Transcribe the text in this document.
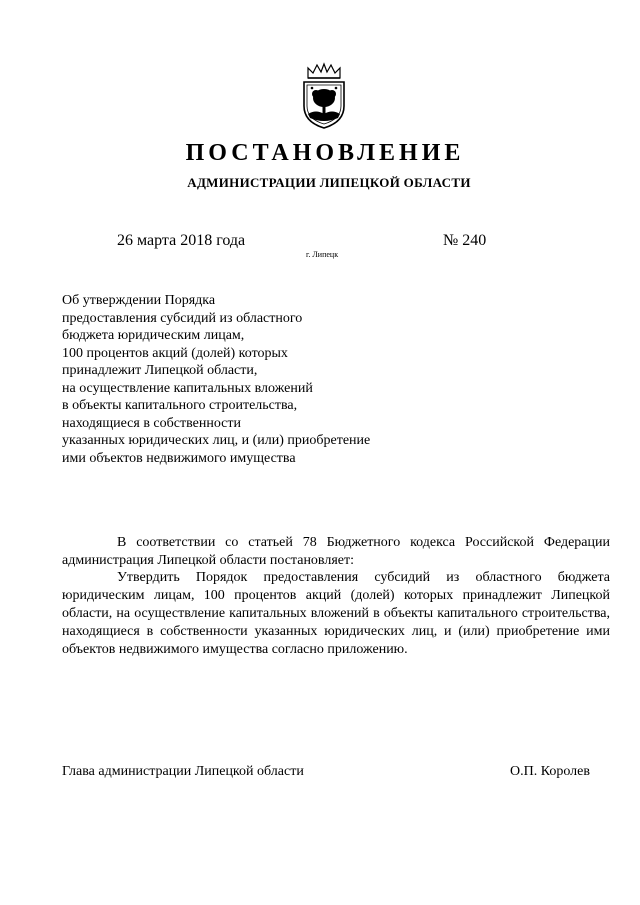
ПОСТАНОВЛЕНИЕ
АДМИНИСТРАЦИИ ЛИПЕЦКОЙ ОБЛАСТИ
26 марта 2018 года
г. Липецк
№ 240
Об утверждении Порядка
предоставления субсидий из областного
бюджета юридическим лицам,
100 процентов акций (долей) которых
принадлежит Липецкой области,
на осуществление капитальных вложений
в объекты капитального строительства,
находящиеся в собственности
указанных юридических лиц, и (или) приобретение
ими объектов недвижимого имущества
В соответствии со статьей 78 Бюджетного кодекса Российской Федерации администрация Липецкой области постановляет:
Утвердить Порядок предоставления субсидий из областного бюджета юридическим лицам, 100 процентов акций (долей) которых принадлежит Липецкой области, на осуществление капитальных вложений в объекты капитального строительства, находящиеся в собственности указанных юридических лиц, и (или) приобретение ими объектов недвижимого имущества согласно приложению.
Глава администрации Липецкой области	О.П. Королев
